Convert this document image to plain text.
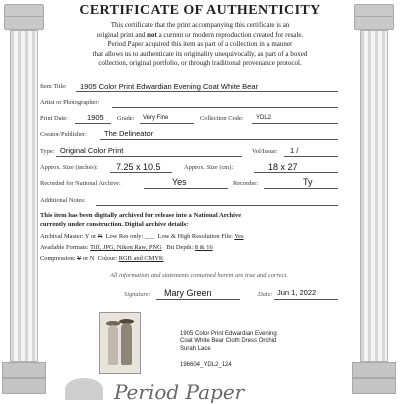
CERTIFICATE OF AUTHENTICITY
This certificate that the print accompanying this certificate is an
original print and not a current or modern reproduction created for resale.
Period Paper acquired this item as part of a collection in a manner
that allows us to authenticate its originality unequivocally, as part of a boxed
collection, original portfolio, or through traditional provenance protocol.
Item Title: 1905 Color Print Edwardian Evening Coat White Bear
Artist or Photographer:
Print Date:	1905 Grade: Very Fine	Collection Code: YDL2
Creator/Publisher: The Delineator
Type: Original Color Print	Vol/Issue: 1 /
Approx. Size (inches): 7.25 x 10.5	Approx. Size (cm):	18 x 27
Recorded for National Archive:	Yes	Recorder:	Ty
Additional Notes:
This item has been digitally archived for release into a National Archive
currently under construction. Digital archive details:
Archival Master: Y or N Low Res only: ___ Low & High Resolution File: Yes
Available Formats: Tiff, JPG, Nikon Raw, PNG Bit Depth: 8 & 16
Compression: Y or N Colour: RGB and CMYK
All information and statements contained herein are true and correct.
Signature: Mary Green	Date: Jun 1, 2022
1905 Color Print Edwardian Evening Coat White Bear Cloth Dress Orchid Surah Lace
196604_YDL2_124
Period Paper
